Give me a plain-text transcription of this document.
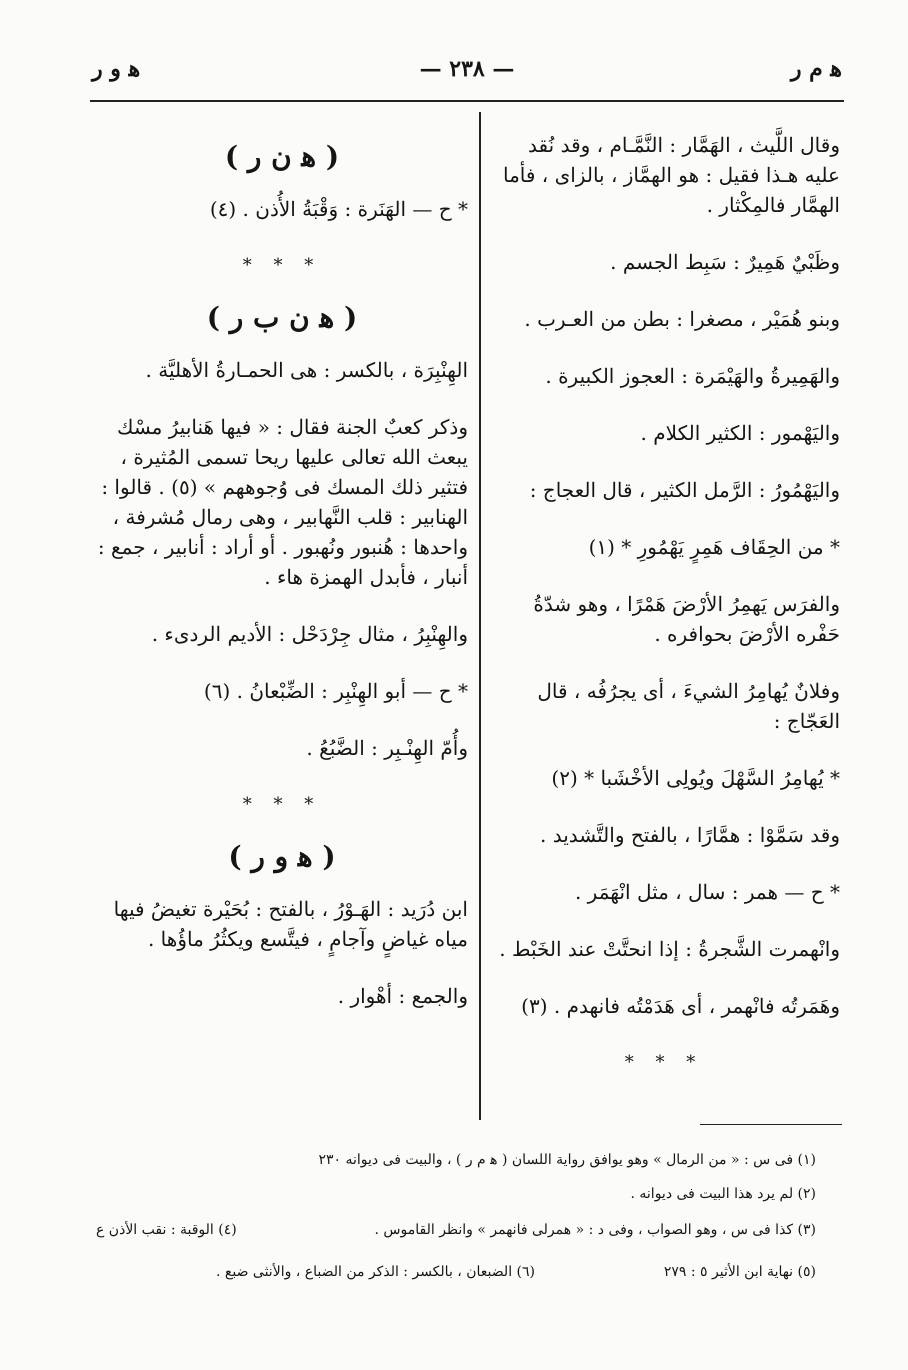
ﻫ م ر
— ٢٣٨ —
ﻫ و ر

وقال اللَّيث ، الهَمَّار : النَّمَّـام ، وقد نُقد عليه هـذا فقيل : هو الهمَّاز ، بالزاى ، فأما الهمَّار فالمِكْثار .

وظَبْيٌ هَمِيرٌ : سَبِط الجسم .

وبنو هُمَيْر ، مصغرا : بطن من العـرب .

والهَمِيرةُ والهَيْمَرة : العجوز الكبيرة .

واليَهْمور : الكثير الكلام .

واليَهْمُورُ : الرَّمل الكثير ، قال العجاج :

* من الحِقَاف هَمِرٍ يَهْمُورِ * (١)

والفرَس يَهمِرُ الأرْضَ هَمْرًا ، وهو شدّةُ حَفْره الأرْضَ بحوافره .

وفلانٌ يُهامِرُ الشيءَ ، أى يجرُفُه ، قال العَجّاج :

* يُهامِرُ السَّهْلَ ويُولِى الأخْشَبا * (٢)

وقد سَمَّوْا : همَّارًا ، بالفتح والتَّشديد .

* ح — همر : سال ، مثل انْهَمَر .

وانْهمرت الشَّجرةُ : إذا انحتَّتْ عند الخَبْط .

وهَمَرتُه فانْهمر ، أى هَدَمْتُه فانهدم . (٣)

* * *
( ﻫ ن ر )

* ح — الهَنَرة : وَقْبَةُ الأُذن . (٤)

* * *
( ﻫ ن ب ر )

الهِنْبِرَة ، بالكسر : هى الحمـارةُ الأهليَّة .

وذكر كعبٌ الجنة فقال : « فيها هَنابيرُ مسْك يبعث الله تعالى عليها ريحا تسمى المُثيرة ، فتثير ذلك المسك فى وُجوههم » (٥) . قالوا : الهنابير : قلب النَّهابير ، وهى رمال مُشرفة ، واحدها : هُنبور ونُهبور . أو أراد : أنابير ، جمع : أنبار ، فأبدل الهمزة هاء .

والهِنْبِرُ ، مثال جِرْدَحْل : الأديم الردىء .

* ح — أبو الهِنْبِر : الضِّبْعانُ . (٦)

وأُمّ الهِنْـبِر : الضَّبُعُ .

* * *
( ﻫ و ر )

ابن دُرَيد : الهَـوْرُ ، بالفتح : بُحَيْرة تغيضُ فيها مياه غياضٍ وآجامٍ ، فيتَّسع ويكثُرُ ماؤُها .

والجمع : أهْوار .

(١) فى س : « من الرمال » وهو يوافق رواية اللسان ( ﻫ م ر ) ، والبيت فى ديوانه ٢٣٠
(٢) لم يرد هذا البيت فى ديوانه .
(٣) كذا فى س ، وهو الصواب ، وفى د : « همرلى فانهمر » وانظر القاموس .
(٤) الوقبة : نقب الأذن ع
(٥) نهاية ابن الأثير ٥ : ٢٧٩
(٦) الضبعان ، بالكسر : الذكر من الضباع ، والأنثى ضبع .
